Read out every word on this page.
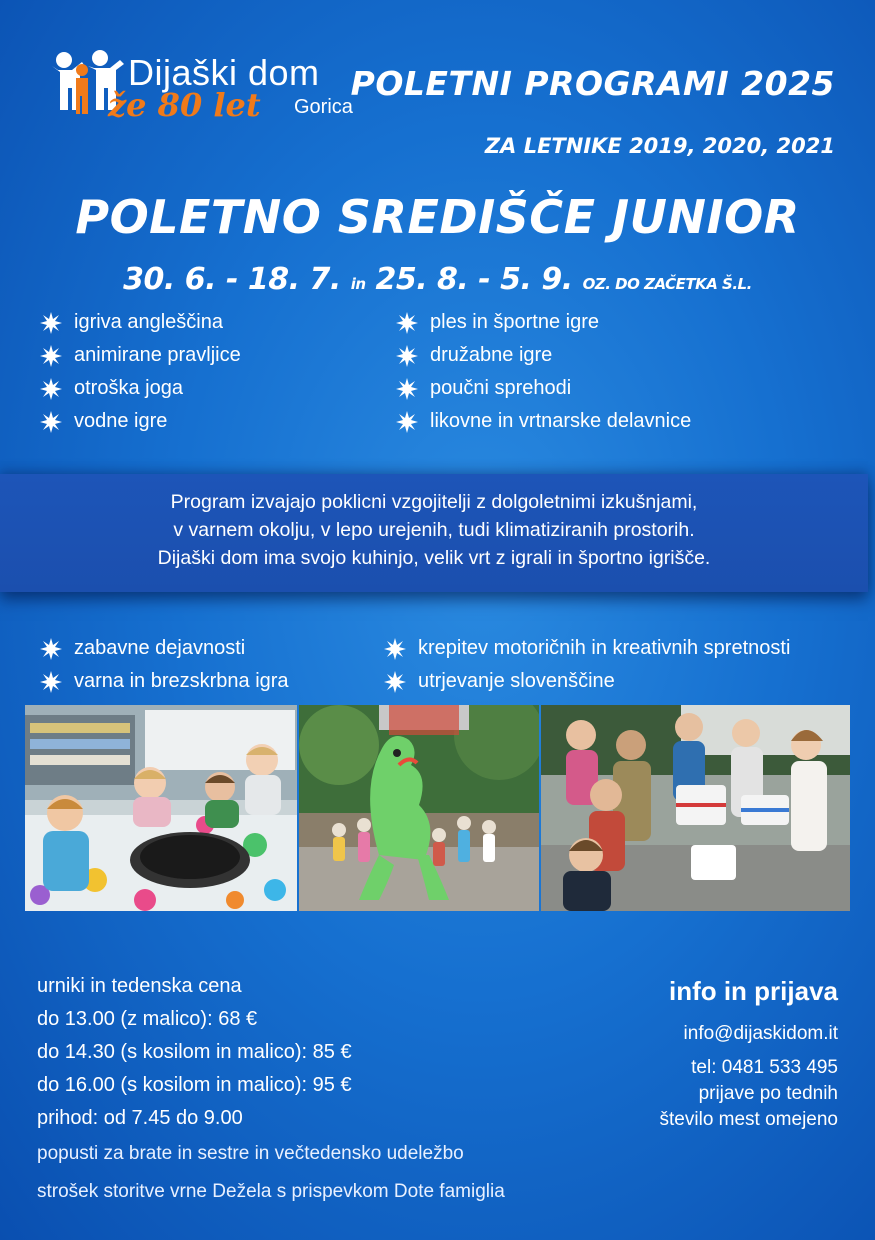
Dijaški dom
že 80 let Gorica
POLETNI PROGRAMI 2025
ZA LETNIKE 2019, 2020, 2021
POLETNO SREDIŠČE JUNIOR
30. 6. - 18. 7. in 25. 8. - 5. 9. OZ. DO ZAČETKA Š.L.
igriva angleščina
animirane pravljice
otroška joga
vodne igre
ples in športne igre
družabne igre
poučni sprehodi
likovne in vrtnarske delavnice

Program izvajajo poklicni vzgojitelji z dolgoletnimi izkušnjami,

v varnem okolju, v lepo urejenih, tudi klimatiziranih prostorih.

Dijaški dom ima svojo kuhinjo, velik vrt z igrali in športno igrišče.

zabavne dejavnosti
varna in brezskrbna igra
krepitev motoričnih in kreativnih spretnosti
utrjevanje slovenščine
urniki in tedenska cena
do 13.00 (z malico): 68 €
do 14.30 (s kosilom in malico): 85 €
do 16.00 (s kosilom in malico): 95 €
prihod: od 7.45 do 9.00
popusti za brate in sestre in večtedensko udeležbo
strošek storitve vrne Dežela s prispevkom Dote famiglia
info in prijava
info@dijaskidom.it
tel: 0481 533 495
prijave po tednih
število mest omejeno
